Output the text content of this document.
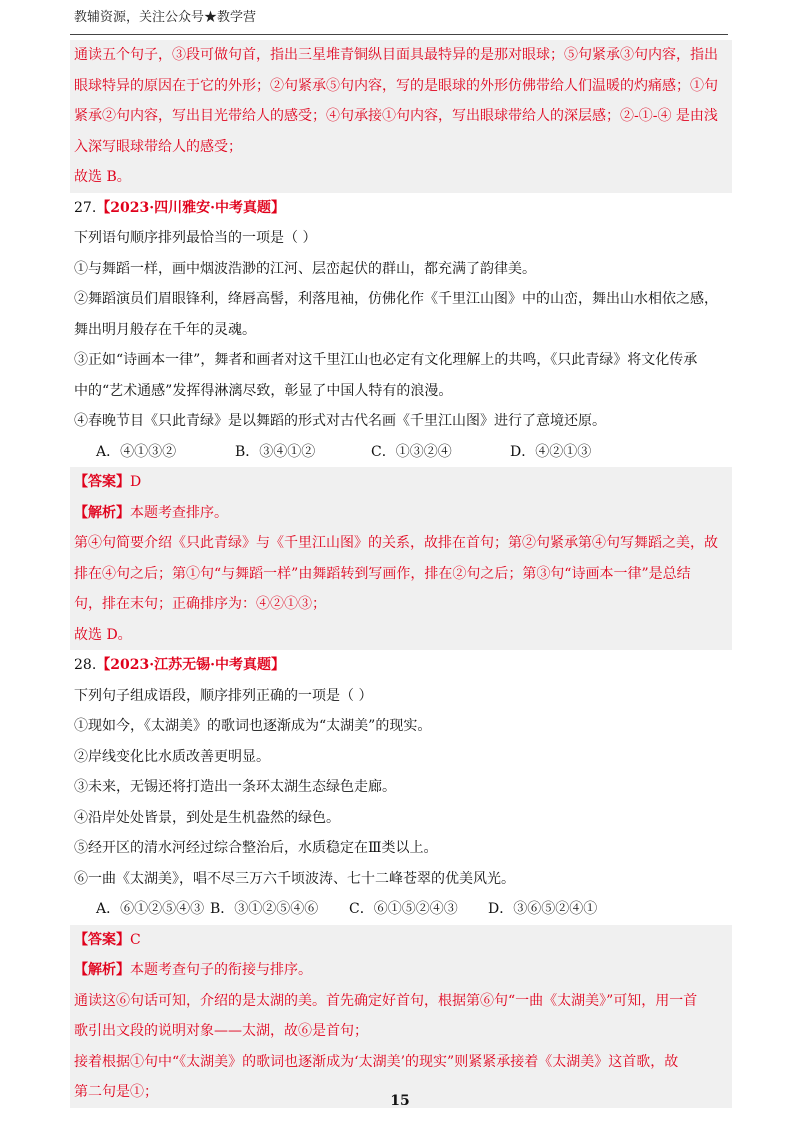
教辅资源，关注公众号★教学营
通读五个句子，③段可做句首，指出三星堆青铜纵目面具最特异的是那对眼球；⑤句紧承③句内容，指出
眼球特异的原因在于它的外形；②句紧承⑤句内容，写的是眼球的外形仿佛带给人们温暖的灼痛感；①句
紧承②句内容，写出目光带给人的感受；④句承接①句内容，写出眼球带给人的深层感；②-①-④ 是由浅
入深写眼球带给人的感受；
故选 B。
27.【2023·四川雅安·中考真题】
下列语句顺序排列最恰当的一项是（ ）
①与舞蹈一样，画中烟波浩渺的江河、层峦起伏的群山，都充满了韵律美。
②舞蹈演员们眉眼锋利，绛唇高髻，利落甩袖，仿佛化作《千里江山图》中的山峦，舞出山水相依之感，
舞出明月般存在千年的灵魂。
③正如“诗画本一律”，舞者和画者对这千里江山也必定有文化理解上的共鸣，《只此青绿》将文化传承
中的“艺术通感”发挥得淋漓尽致，彰显了中国人特有的浪漫。
④春晚节目《只此青绿》是以舞蹈的形式对古代名画《千里江山图》进行了意境还原。
A．④①③②	B．③④①②	C．①③②④	D．④②①③
【答案】D
【解析】本题考查排序。
第④句简要介绍《只此青绿》与《千里江山图》的关系，故排在首句；第②句紧承第④句写舞蹈之美，故
排在④句之后；第①句“与舞蹈一样”由舞蹈转到写画作，排在②句之后；第③句“诗画本一律”是总结
句，排在末句；正确排序为：④②①③；
故选 D。
28.【2023·江苏无锡·中考真题】
下列句子组成语段，顺序排列正确的一项是（ ）
①现如今，《太湖美》的歌词也逐渐成为“太湖美”的现实。
②岸线变化比水质改善更明显。
③未来，无锡还将打造出一条环太湖生态绿色走廊。
④沿岸处处皆景，到处是生机盎然的绿色。
⑤经开区的清水河经过综合整治后，水质稳定在Ⅲ类以上。
⑥一曲《太湖美》，唱不尽三万六千顷波涛、七十二峰苍翠的优美风光。
A．⑥①②⑤④③ B．③①②⑤④⑥ C．⑥①⑤②④③ D．③⑥⑤②④①
【答案】C
【解析】本题考查句子的衔接与排序。
通读这⑥句话可知，介绍的是太湖的美。首先确定好首句，根据第⑥句“一曲《太湖美》”可知，用一首
歌引出文段的说明对象——太湖，故⑥是首句；
接着根据①句中“《太湖美》的歌词也逐渐成为‘太湖美’的现实”则紧紧承接着《太湖美》这首歌，故
第二句是①；
15
